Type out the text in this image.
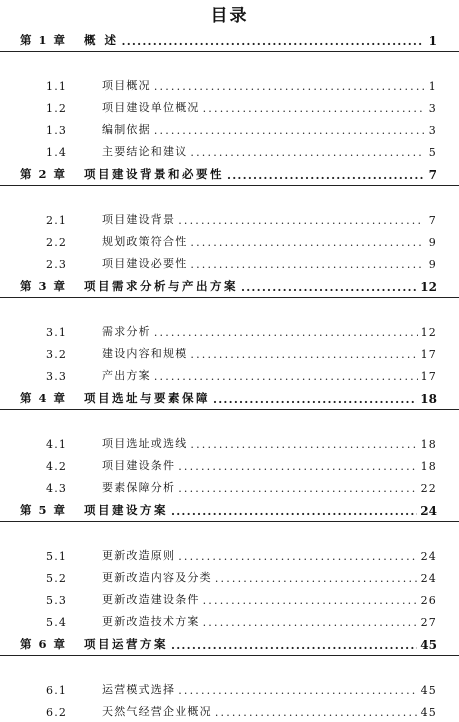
目录
第 1 章	概 述 .....	1
1.1	项目概况 .....	1
1.2	项目建设单位概况 .....	3
1.3	编制依据 .....	3
1.4	主要结论和建议 .....	5
第 2 章	项目建设背景和必要性 .....	7
2.1	项目建设背景 .....	7
2.2	规划政策符合性 .....	9
2.3	项目建设必要性 .....	9
第 3 章	项目需求分析与产出方案 .....	12
3.1	需求分析 .....	12
3.2	建设内容和规模 .....	17
3.3	产出方案 .....	17
第 4 章	项目选址与要素保障 .....	18
4.1	项目选址或选线 .....	18
4.2	项目建设条件 .....	18
4.3	要素保障分析 .....	22
第 5 章	项目建设方案 .....	24
5.1	更新改造原则 .....	24
5.2	更新改造内容及分类 .....	24
5.3	更新改造建设条件 .....	26
5.4	更新改造技术方案 .....	27
第 6 章	项目运营方案 .....	45
6.1	运营模式选择 .....	45
6.2	天然气经营企业概况 .....	45
